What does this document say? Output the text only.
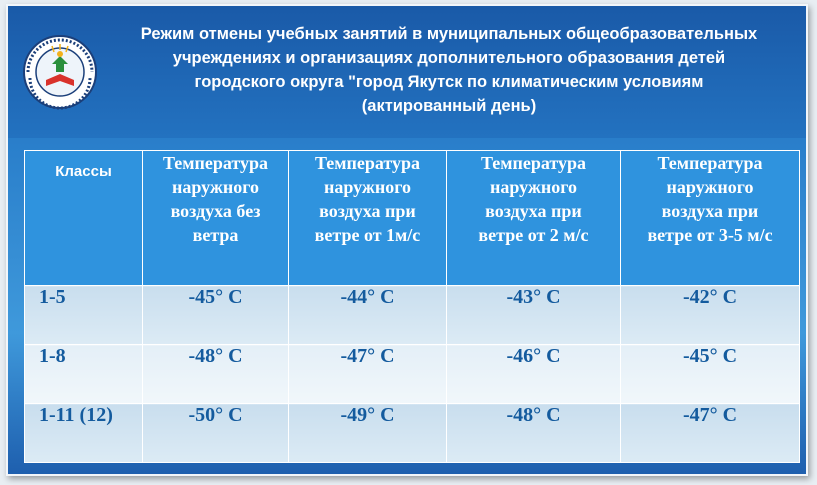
Режим отмены учебных занятий в муниципальных общеобразовательных
учреждениях и организациях дополнительного образования детей
городского округа "город Якутск по климатическим условиям
(актированный день)
Классы	Температура
наружного
воздуха без
ветра	Температура
наружного
воздуха при
ветре от 1м/с	Температура
наружного
воздуха при
ветре от 2 м/с	Температура
наружного
воздуха при
ветре от 3-5 м/с

1-5	-45° С	-44° С	-43° С	-42° С
1-8	-48° С	-47° С	-46° С	-45° С
1-11 (12)	-50° С	-49° С	-48° С	-47° С
